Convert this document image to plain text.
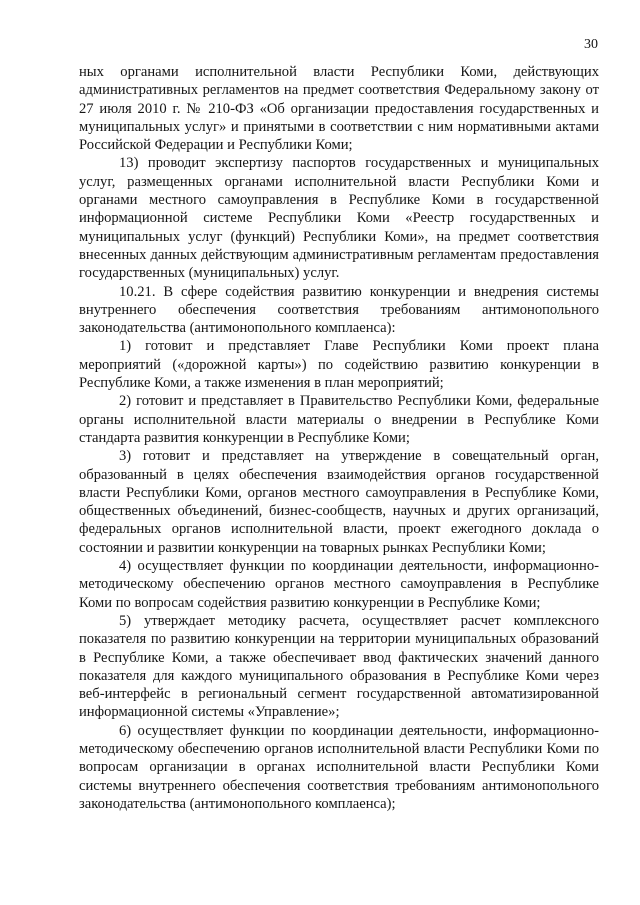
30

ных органами исполнительной власти Республики Коми, действующих административных регламентов на предмет соответствия Федеральному закону от 27 июля 2010 г. № 210-ФЗ «Об организации предоставления государственных и муниципальных услуг» и принятыми в соответствии с ним нормативными актами Российской Федерации и Республики Коми;

13) проводит экспертизу паспортов государственных и муниципальных услуг, размещенных органами исполнительной власти Республики Коми и органами местного самоуправления в Республике Коми в государственной информационной системе Республики Коми «Реестр государственных и муниципальных услуг (функций) Республики Коми», на предмет соответствия внесенных данных действующим административным регламентам предоставления государственных (муниципальных) услуг.

10.21. В сфере содействия развитию конкуренции и внедрения системы внутреннего обеспечения соответствия требованиям антимонопольного законодательства (антимонопольного комплаенса):

1) готовит и представляет Главе Республики Коми проект плана мероприятий («дорожной карты») по содействию развитию конкуренции в Республике Коми, а также изменения в план мероприятий;

2) готовит и представляет в Правительство Республики Коми, федеральные органы исполнительной власти материалы о внедрении в Республике Коми стандарта развития конкуренции в Республике Коми;

3) готовит и представляет на утверждение в совещательный орган, образованный в целях обеспечения взаимодействия органов государственной власти Республики Коми, органов местного самоуправления в Республике Коми, общественных объединений, бизнес-сообществ, научных и других организаций, федеральных органов исполнительной власти, проект ежегодного доклада о состоянии и развитии конкуренции на товарных рынках Республики Коми;

4) осуществляет функции по координации деятельности, информационно-методическому обеспечению органов местного самоуправления в Республике Коми по вопросам содействия развитию конкуренции в Республике Коми;

5) утверждает методику расчета, осуществляет расчет комплексного показателя по развитию конкуренции на территории муниципальных образований в Республике Коми, а также обеспечивает ввод фактических значений данного показателя для каждого муниципального образования в Республике Коми через веб-интерфейс в региональный сегмент государственной автоматизированной информационной системы «Управление»;

6) осуществляет функции по координации деятельности, информационно-методическому обеспечению органов исполнительной власти Республики Коми по вопросам организации в органах исполнительной власти Республики Коми системы внутреннего обеспечения соответствия требованиям антимонопольного законодательства (антимонопольного комплаенса);
